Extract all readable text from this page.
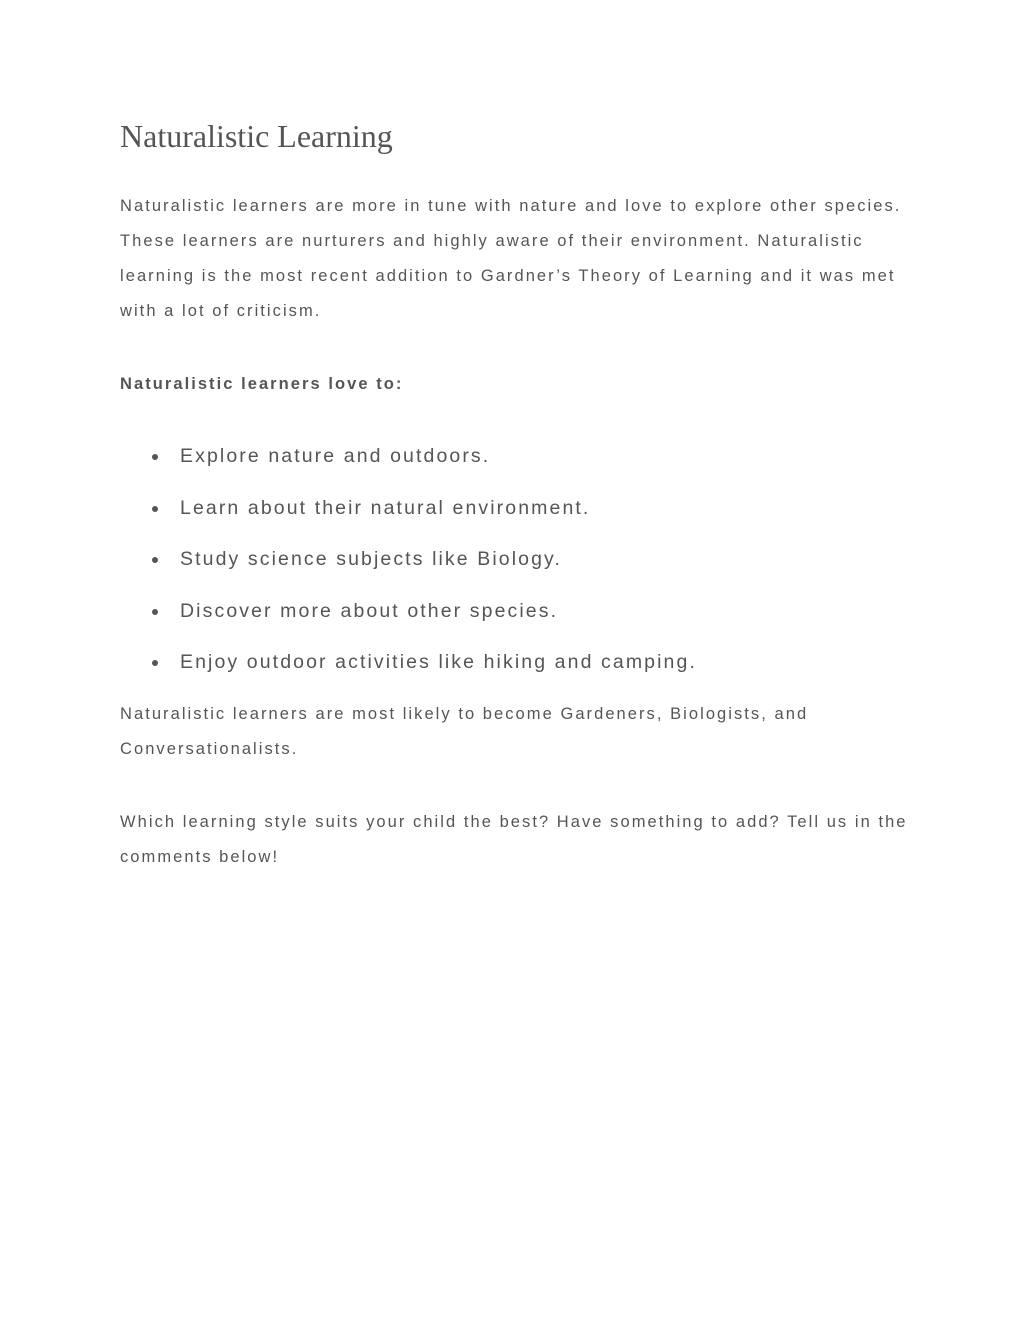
Naturalistic Learning

Naturalistic learners are more in tune with nature and love to explore other species. These learners are nurturers and highly aware of their environment. Naturalistic learning is the most recent addition to Gardner’s Theory of Learning and it was met with a lot of criticism.

Naturalistic learners love to:

Explore nature and outdoors.
Learn about their natural environment.
Study science subjects like Biology.
Discover more about other species.
Enjoy outdoor activities like hiking and camping.

Naturalistic learners are most likely to become Gardeners, Biologists, and Conversationalists.

Which learning style suits your child the best? Have something to add? Tell us in the comments below!
